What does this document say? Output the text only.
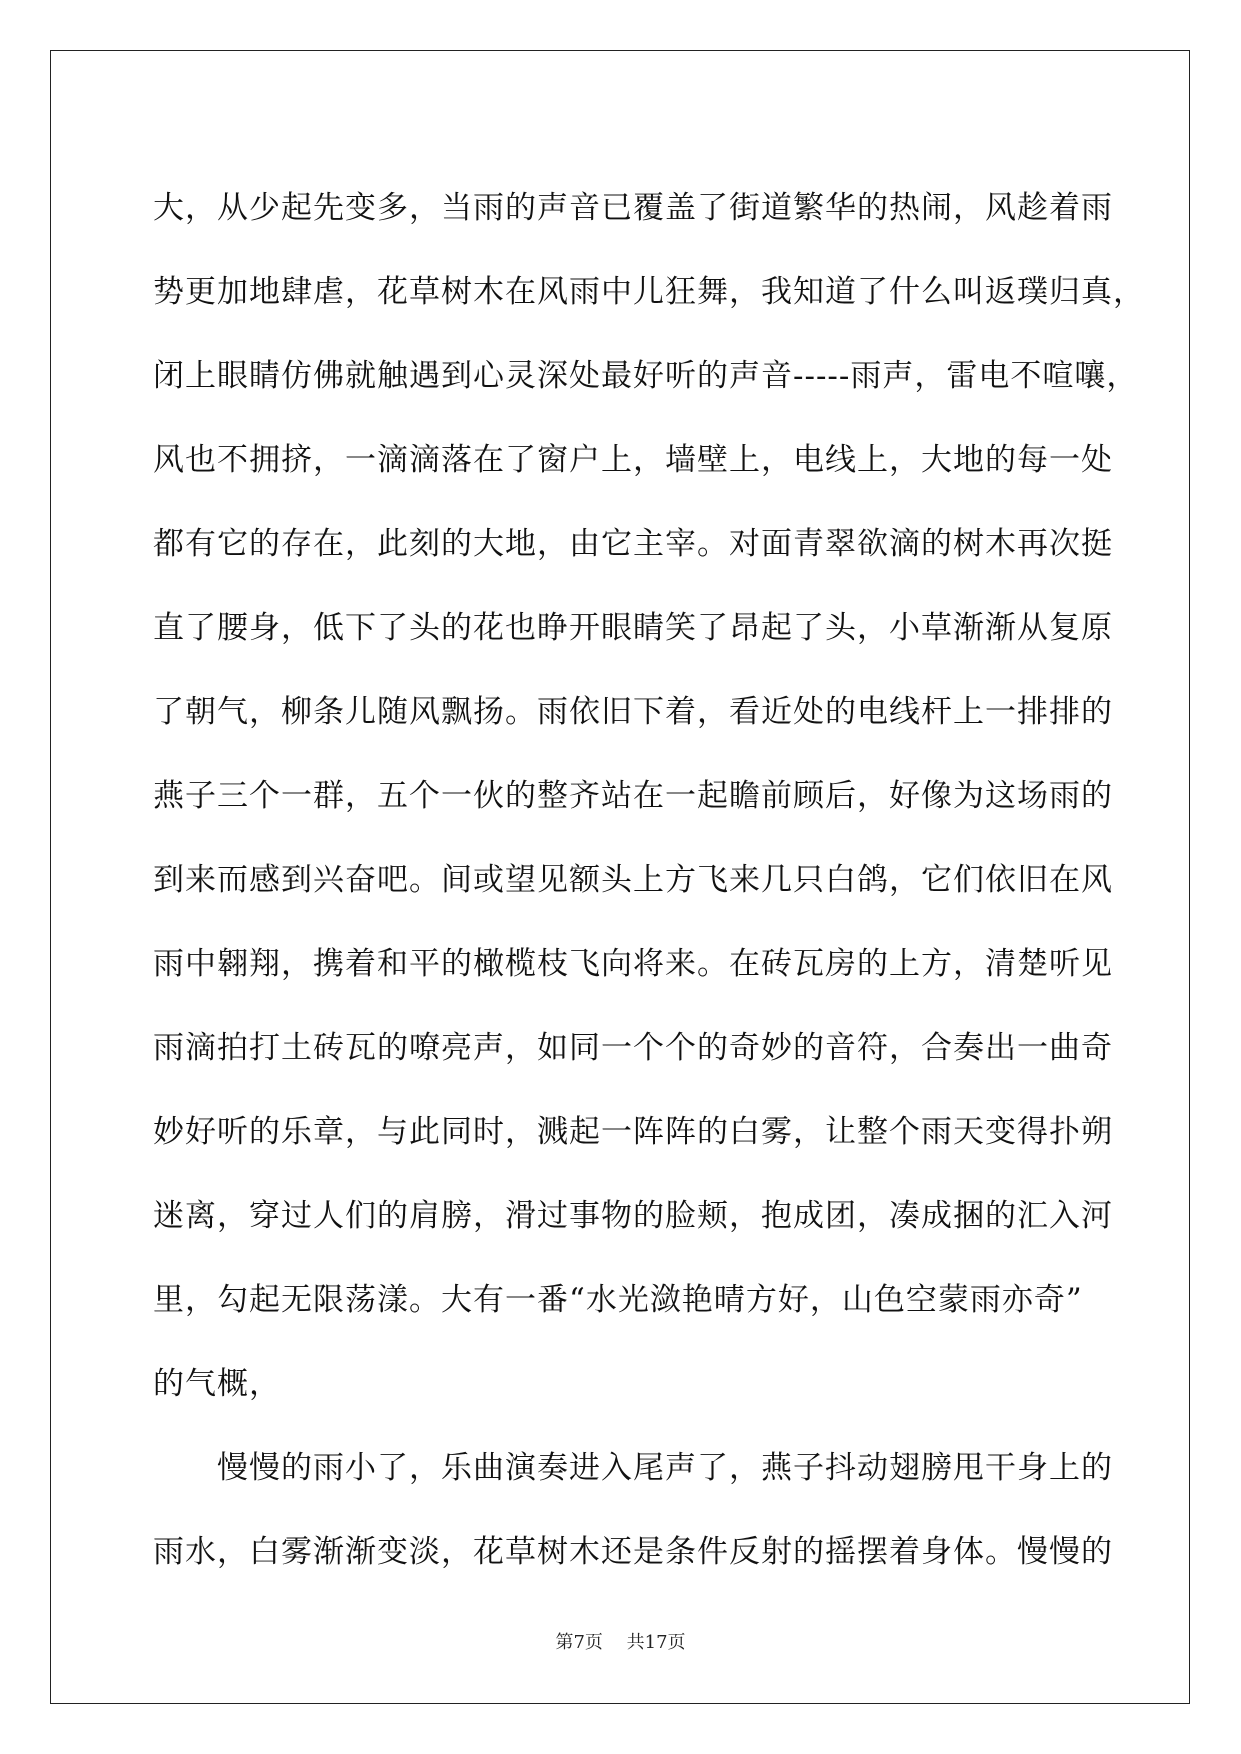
大，从少起先变多，当雨的声音已覆盖了街道繁华的热闹，风趁着雨
势更加地肆虐，花草树木在风雨中儿狂舞，我知道了什么叫返璞归真，
闭上眼睛仿佛就触遇到心灵深处最好听的声音-----雨声，雷电不喧嚷，
风也不拥挤，一滴滴落在了窗户上，墙壁上，电线上，大地的每一处
都有它的存在，此刻的大地，由它主宰。对面青翠欲滴的树木再次挺
直了腰身，低下了头的花也睁开眼睛笑了昂起了头，小草渐渐从复原
了朝气，柳条儿随风飘扬。雨依旧下着，看近处的电线杆上一排排的
燕子三个一群，五个一伙的整齐站在一起瞻前顾后，好像为这场雨的
到来而感到兴奋吧。间或望见额头上方飞来几只白鸽，它们依旧在风
雨中翱翔，携着和平的橄榄枝飞向将来。在砖瓦房的上方，清楚听见
雨滴拍打土砖瓦的嘹亮声，如同一个个的奇妙的音符，合奏出一曲奇
妙好听的乐章，与此同时，溅起一阵阵的白雾，让整个雨天变得扑朔
迷离，穿过人们的肩膀，滑过事物的脸颊，抱成团，凑成捆的汇入河
里，勾起无限荡漾。大有一番“水光潋艳晴方好，山色空蒙雨亦奇”
的气概，
　　慢慢的雨小了，乐曲演奏进入尾声了，燕子抖动翅膀甩干身上的
雨水，白雾渐渐变淡，花草树木还是条件反射的摇摆着身体。慢慢的
第7页　 共17页
